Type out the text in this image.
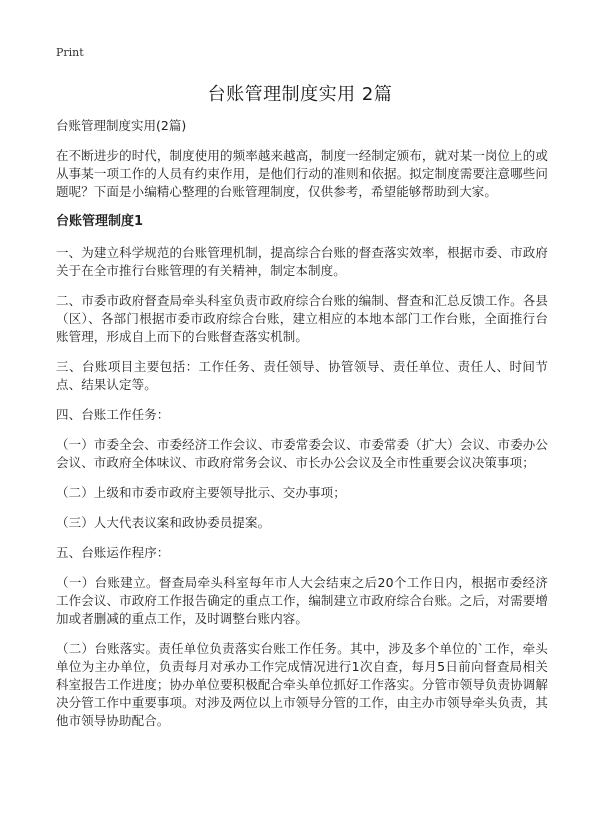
Print
台账管理制度实用 2篇

台账管理制度实用(2篇)

在不断进步的时代，制度使用的频率越来越高，制度一经制定颁布，就对某一岗位上的或从事某一项工作的人员有约束作用，是他们行动的准则和依据。拟定制度需要注意哪些问题呢？下面是小编精心整理的台账管理制度，仅供参考，希望能够帮助到大家。

台账管理制度1

一、为建立科学规范的台账管理机制，提高综合台账的督查落实效率，根据市委、市政府关于在全市推行台账管理的有关精神，制定本制度。

二、市委市政府督查局牵头科室负责市政府综合台账的编制、督查和汇总反馈工作。各县（区）、各部门根据市委市政府综合台账，建立相应的本地本部门工作台账，全面推行台账管理，形成自上而下的台账督查落实机制。

三、台账项目主要包括：工作任务、责任领导、协管领导、责任单位、责任人、时间节点、结果认定等。

四、台账工作任务：

（一）市委全会、市委经济工作会议、市委常委会议、市委常委（扩大）会议、市委办公会议、市政府全体味议、市政府常务会议、市长办公会议及全市性重要会议决策事项；

（二）上级和市委市政府主要领导批示、交办事项；

（三）人大代表议案和政协委员提案。

五、台账运作程序：

（一）台账建立。督查局牵头科室每年市人大会结束之后20个工作日内，根据市委经济工作会议、市政府工作报告确定的重点工作，编制建立市政府综合台账。之后，对需要增加或者删减的重点工作，及时调整台账内容。

（二）台账落实。责任单位负责落实台账工作任务。其中，涉及多个单位的`工作，牵头单位为主办单位，负责每月对承办工作完成情况进行1次自查，每月5日前向督查局相关科室报告工作进度；协办单位要积极配合牵头单位抓好工作落实。分管市领导负责协调解决分管工作中重要事项。对涉及两位以上市领导分管的工作，由主办市领导牵头负责，其他市领导协助配合。
